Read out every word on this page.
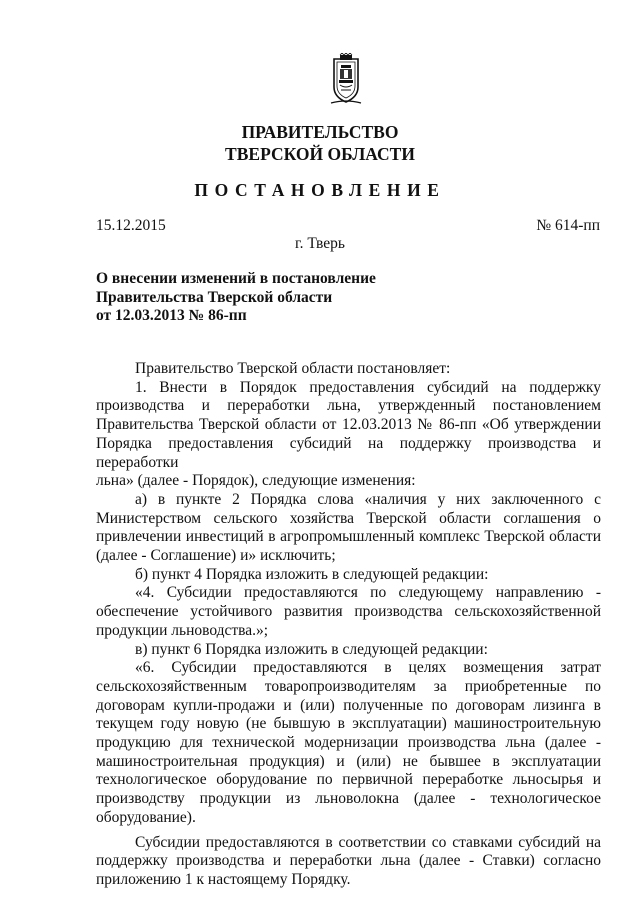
ПРАВИТЕЛЬСТВО
ТВЕРСКОЙ ОБЛАСТИ
ПОСТАНОВЛЕНИЕ
15.12.2015	№ 614-пп
г. Тверь
О внесении изменений в постановление
Правительства Тверской области
от 12.03.2013 № 86-пп

Правительство Тверской области постановляет:

1. Внести в Порядок предоставления субсидий на поддержку

производства и переработки льна, утвержденный постановлением

Правительства Тверской области от 12.03.2013 № 86-пп «Об утверждении

Порядка предоставления субсидий на поддержку производства и переработки

льна» (далее - Порядок), следующие изменения:

а) в пункте 2 Порядка слова «наличия у них заключенного с

Министерством сельского хозяйства Тверской области соглашения о

привлечении инвестиций в агропромышленный комплекс Тверской области

(далее - Соглашение) и» исключить;

б) пункт 4 Порядка изложить в следующей редакции:

«4. Субсидии предоставляются по следующему направлению -

обеспечение устойчивого развития производства сельскохозяйственной

продукции льноводства.»;

в) пункт 6 Порядка изложить в следующей редакции:

«6. Субсидии предоставляются в целях возмещения затрат

сельскохозяйственным товаропроизводителям за приобретенные по

договорам купли-продажи и (или) полученные по договорам лизинга в

текущем году новую (не бывшую в эксплуатации) машиностроительную

продукцию для технической модернизации производства льна (далее -

машиностроительная продукция) и (или) не бывшее в эксплуатации

технологическое оборудование по первичной переработке льносырья и

производству продукции из льноволокна (далее - технологическое

оборудование).

Субсидии предоставляются в соответствии со ставками субсидий на

поддержку производства и переработки льна (далее - Ставки) согласно

приложению 1 к настоящему Порядку.
